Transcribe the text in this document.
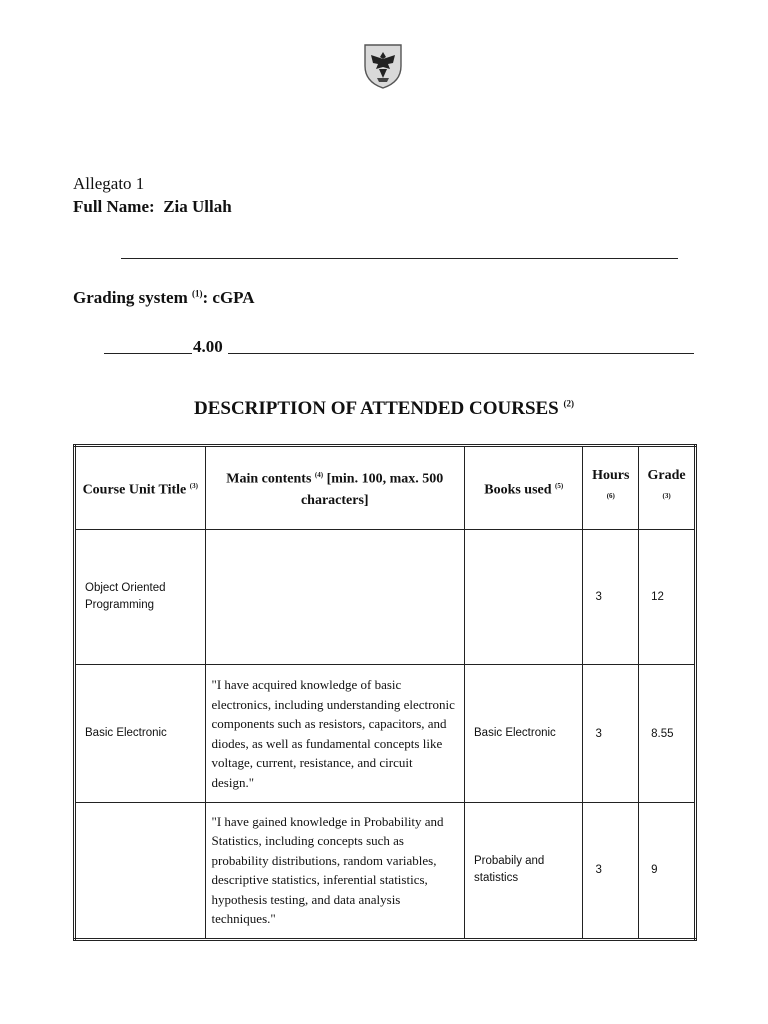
Allegato 1
Full Name: Zia Ullah
Grading system $^{(1)}$: cGPA
4.00
DESCRIPTION OF ATTENDED COURSES $^{(2)}$
Course Unit Title $^{(3)}$	Main contents $^{(4)}$ [min. 100, max. 500 characters]	Books used $^{(5)}$	Hours $^{(6)}$	Grade $^{(3)}$
Object Oriented Programming			3	12
Basic Electronic	"I have acquired knowledge of basic electronics, including understanding electronic components such as resistors, capacitors, and diodes, as well as fundamental concepts like voltage, current, resistance, and circuit design."	Basic Electronic	3	8.55
	"I have gained knowledge in Probability and Statistics, including concepts such as probability distributions, random variables, descriptive statistics, inferential statistics, hypothesis testing, and data analysis techniques."	Probabily and statistics	3	9
